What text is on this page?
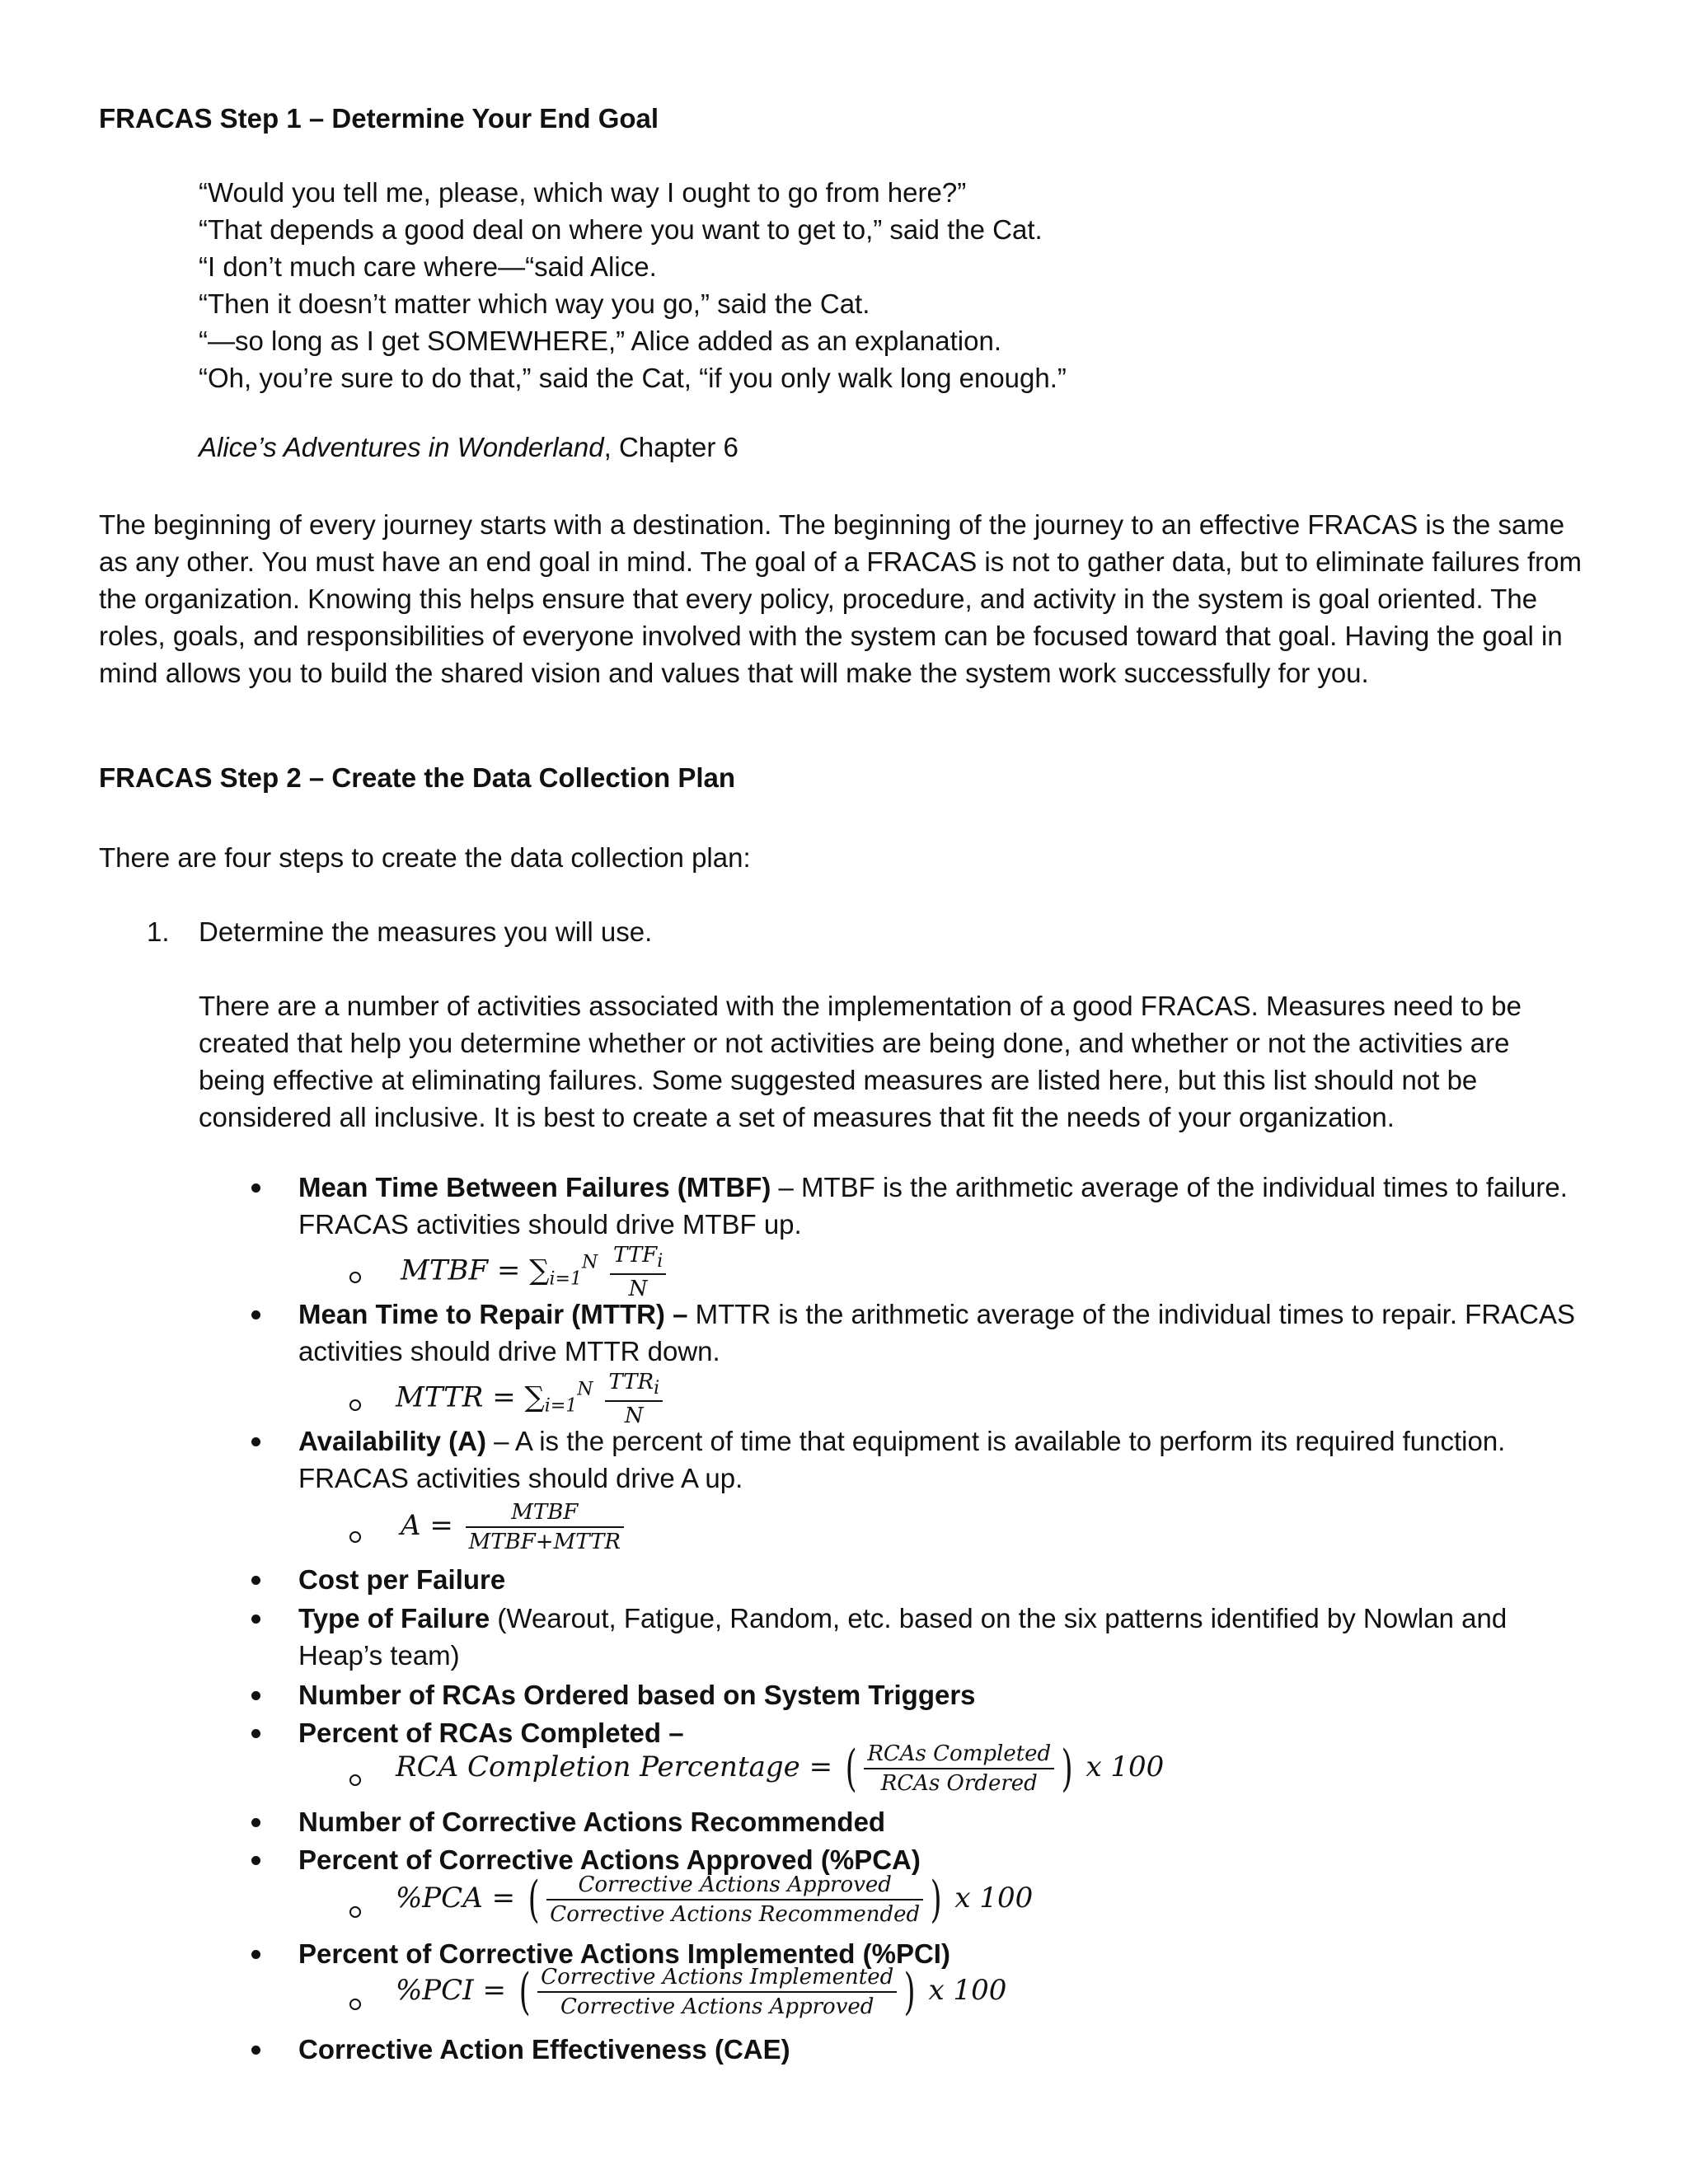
FRACAS Step 1 – Determine Your End Goal
“Would you tell me, please, which way I ought to go from here?”
“That depends a good deal on where you want to get to,” said the Cat.
“I don’t much care where—“said Alice.
“Then it doesn’t matter which way you go,” said the Cat.
“—so long as I get SOMEWHERE,” Alice added as an explanation.
“Oh, you’re sure to do that,” said the Cat, “if you only walk long enough.”
Alice’s Adventures in Wonderland, Chapter 6
The beginning of every journey starts with a destination. The beginning of the journey to an effective FRACAS is the same as any other. You must have an end goal in mind. The goal of a FRACAS is not to gather data, but to eliminate failures from the organization. Knowing this helps ensure that every policy, procedure, and activity in the system is goal oriented. The roles, goals, and responsibilities of everyone involved with the system can be focused toward that goal. Having the goal in mind allows you to build the shared vision and values that will make the system work successfully for you.
FRACAS Step 2 – Create the Data Collection Plan
There are four steps to create the data collection plan:
1. Determine the measures you will use.
There are a number of activities associated with the implementation of a good FRACAS. Measures need to be created that help you determine whether or not activities are being done, and whether or not the activities are being effective at eliminating failures. Some suggested measures are listed here, but this list should not be considered all inclusive. It is best to create a set of measures that fit the needs of your organization.
Mean Time Between Failures (MTBF) – MTBF is the arithmetic average of the individual times to failure. FRACAS activities should drive MTBF up.
MTBF = $\sum_{i=1}^N \frac{TTF_i}{N}$
Mean Time to Repair (MTTR) – MTTR is the arithmetic average of the individual times to repair. FRACAS activities should drive MTTR down.
MTTR = $\sum_{i=1}^N \frac{TTR_i}{N}$
Availability (A) – A is the percent of time that equipment is available to perform its required function. FRACAS activities should drive A up.
$A = \frac{\text{MTBF}}{\text{MTBF+MTTR}}$
Cost per Failure
Type of Failure (Wearout, Fatigue, Random, etc. based on the six patterns identified by Nowlan and Heap’s team)
Number of RCAs Ordered based on System Triggers
Percent of RCAs Completed –
RCA Completion Percentage = ( $\frac{\text{RCAs Completed}}{\text{RCAs Ordered}}$ ) x 100
Number of Corrective Actions Recommended
Percent of Corrective Actions Approved (%PCA)
%PCA = ( $\frac{\text{Corrective Actions Approved}}{\text{Corrective Actions Recommended}}$ ) x 100
Percent of Corrective Actions Implemented (%PCI)
%PCI = ( $\frac{\text{Corrective Actions Implemented}}{\text{Corrective Actions Approved}}$ ) x 100
Corrective Action Effectiveness (CAE)
